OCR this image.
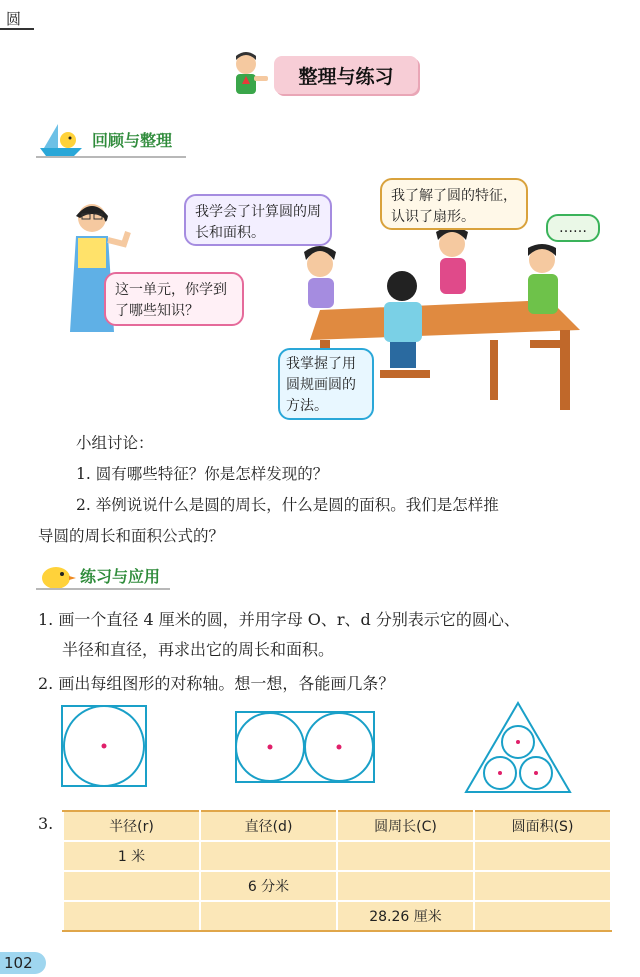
圆
整理与练习
回顾与整理
这一单元，你学到了哪些知识？
我学会了计算圆的周长和面积。
我了解了圆的特征，认识了扇形。
……
我掌握了用圆规画圆的方法。
小组讨论：
1. 圆有哪些特征？你是怎样发现的？
2. 举例说说什么是圆的周长，什么是圆的面积。我们是怎样推
导圆的周长和面积公式的？
练习与应用
1. 画一个直径 4 厘米的圆，并用字母 O、r、d 分别表示它的圆心、
半径和直径，再求出它的周长和面积。
2. 画出每组图形的对称轴。想一想，各能画几条？
3.	半径(r)	直径(d)	圆周长(C)	圆面积(S)
1 米			
	6 分米		
		28.26 厘米	
102
